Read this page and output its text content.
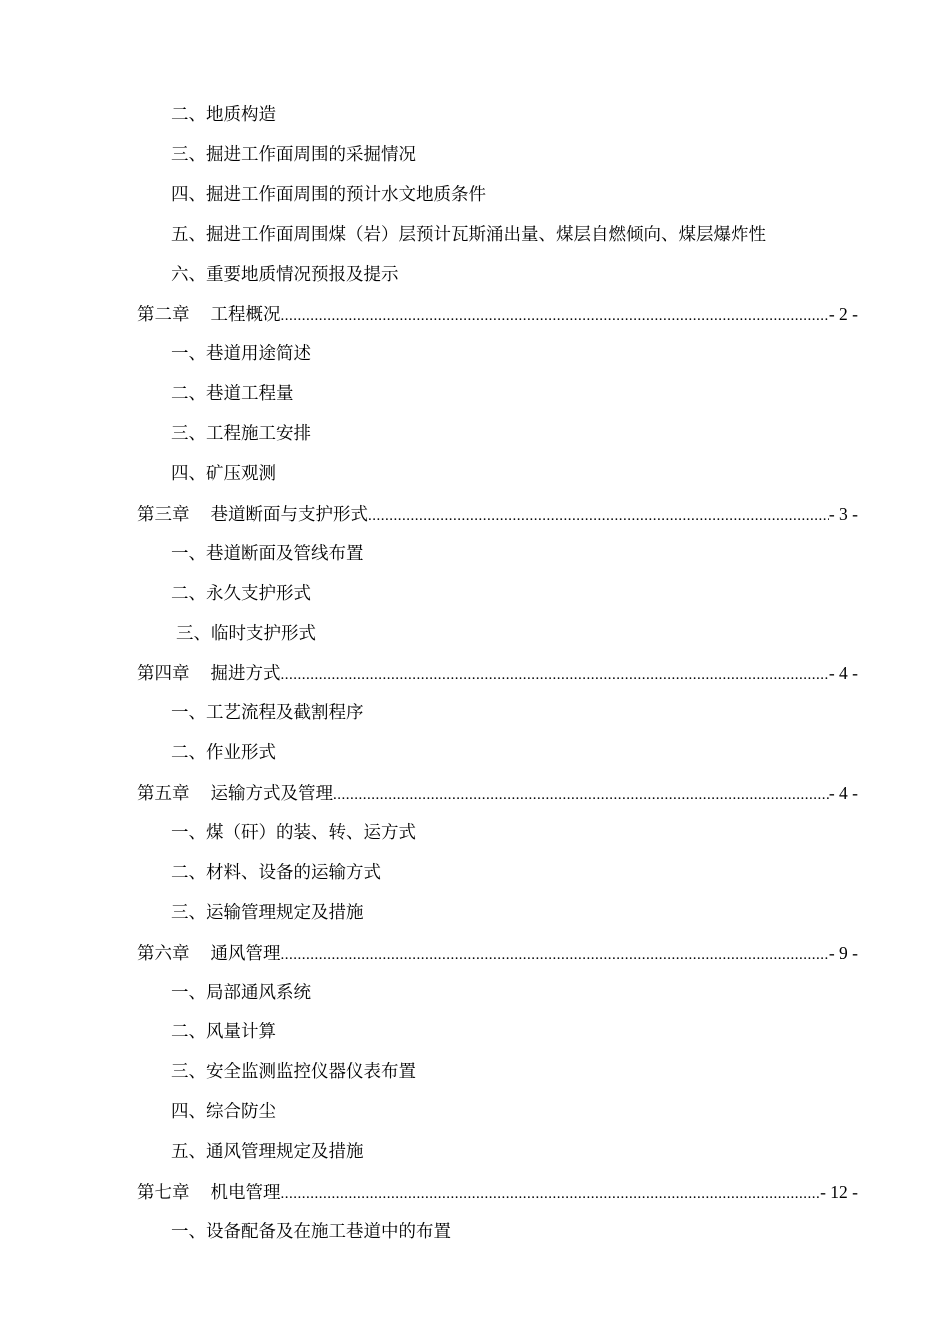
二、地质构造
三、掘进工作面周围的采掘情况
四、掘进工作面周围的预计水文地质条件
五、掘进工作面周围煤（岩）层预计瓦斯涌出量、煤层自燃倾向、煤层爆炸性
六、重要地质情况预报及提示
第二章	工程概况 .....	- 2 -
一、巷道用途简述
二、巷道工程量
三、工程施工安排
四、矿压观测
第三章	巷道断面与支护形式 .....	- 3 -
一、巷道断面及管线布置
二、永久支护形式
三、临时支护形式
第四章	掘进方式 .....	- 4 -
一、工艺流程及截割程序
二、作业形式
第五章	运输方式及管理 .....	- 4 -
一、煤（矸）的装、转、运方式
二、材料、设备的运输方式
三、运输管理规定及措施
第六章	通风管理 .....	- 9 -
一、局部通风系统
二、风量计算
三、安全监测监控仪器仪表布置
四、综合防尘
五、通风管理规定及措施
第七章	机电管理 .....	- 12 -
一、设备配备及在施工巷道中的布置
